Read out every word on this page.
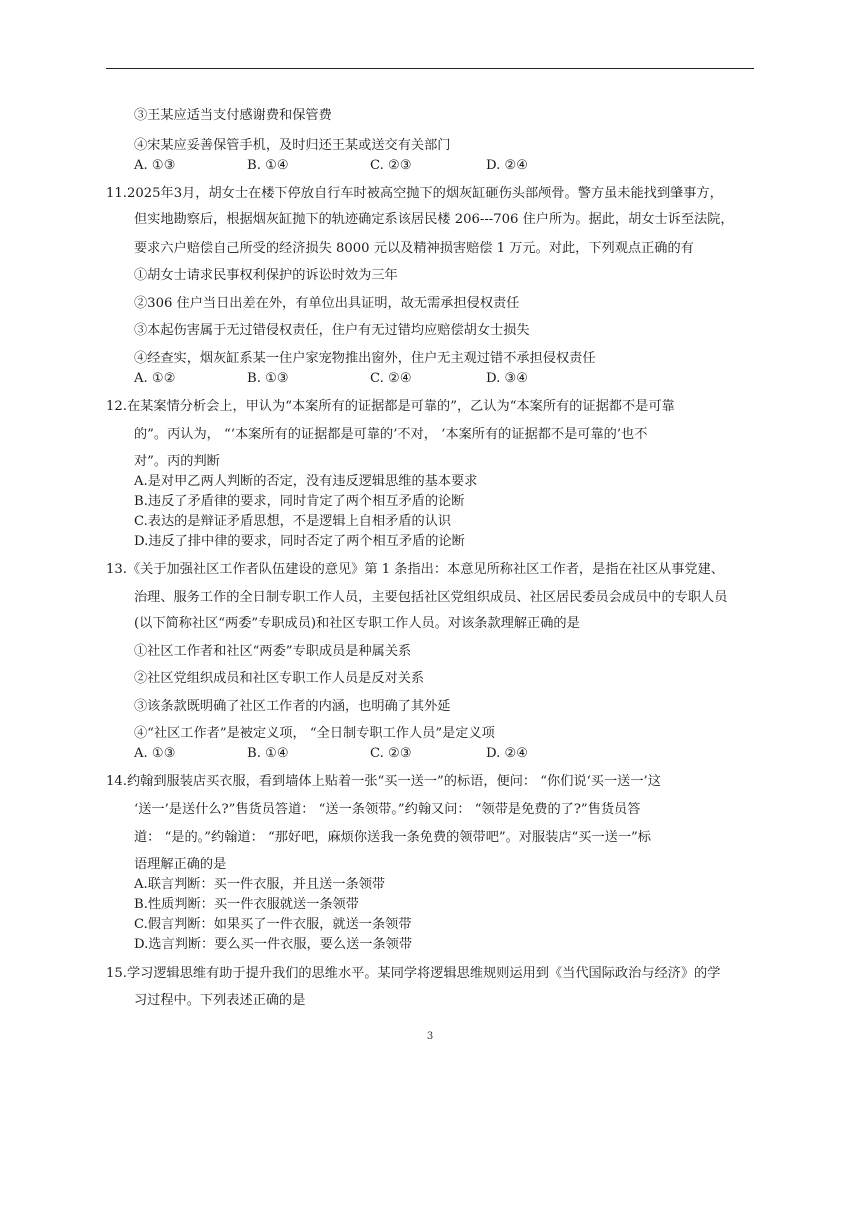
③王某应适当支付感谢费和保管费
④宋某应妥善保管手机，及时归还王某或送交有关部门
A. ①③	B. ①④	C. ②③	D. ②④
11.2025年3月，胡女士在楼下停放自行车时被高空抛下的烟灰缸砸伤头部颅骨。警方虽未能找到肇事方，
但实地勘察后，根据烟灰缸抛下的轨迹确定系该居民楼 206---706 住户所为。据此，胡女士诉至法院，
要求六户赔偿自己所受的经济损失 8000 元以及精神损害赔偿 1 万元。对此，下列观点正确的有
①胡女士请求民事权利保护的诉讼时效为三年
②306 住户当日出差在外，有单位出具证明，故无需承担侵权责任
③本起伤害属于无过错侵权责任，住户有无过错均应赔偿胡女士损失
④经查实，烟灰缸系某一住户家宠物推出窗外，住户无主观过错不承担侵权责任
A. ①②	B. ①③	C. ②④	D. ③④
12.在某案情分析会上，甲认为“本案所有的证据都是可靠的”，乙认为“本案所有的证据都不是可靠
的”。丙认为， “‘本案所有的证据都是可靠的’不对， ‘本案所有的证据都不是可靠的’也不
对”。丙的判断
A.是对甲乙两人判断的否定，没有违反逻辑思维的基本要求
B.违反了矛盾律的要求，同时肯定了两个相互矛盾的论断
C.表达的是辩证矛盾思想，不是逻辑上自相矛盾的认识
D.违反了排中律的要求，同时否定了两个相互矛盾的论断
13.《关于加强社区工作者队伍建设的意见》第 1 条指出：本意见所称社区工作者，是指在社区从事党建、
治理、服务工作的全日制专职工作人员，主要包括社区党组织成员、社区居民委员会成员中的专职人员
(以下简称社区“两委”专职成员)和社区专职工作人员。对该条款理解正确的是
①社区工作者和社区“两委”专职成员是种属关系
②社区党组织成员和社区专职工作人员是反对关系
③该条款既明确了社区工作者的内涵，也明确了其外延
④“社区工作者”是被定义项， “全日制专职工作人员”是定义项
A. ①③	B. ①④	C. ②③	D. ②④
14.约翰到服装店买衣服，看到墙体上贴着一张“买一送一”的标语，便问： “你们说‘买一送一’这
‘送一’是送什么?”售货员答道： “送一条领带。”约翰又问： “领带是免费的了?”售货员答
道： “是的。”约翰道： “那好吧，麻烦你送我一条免费的领带吧”。对服装店“买一送一”标
语理解正确的是
A.联言判断：买一件衣服，并且送一条领带
B.性质判断：买一件衣服就送一条领带
C.假言判断：如果买了一件衣服，就送一条领带
D.选言判断：要么买一件衣服，要么送一条领带
15.学习逻辑思维有助于提升我们的思维水平。某同学将逻辑思维规则运用到《当代国际政治与经济》的学
习过程中。下列表述正确的是
3
